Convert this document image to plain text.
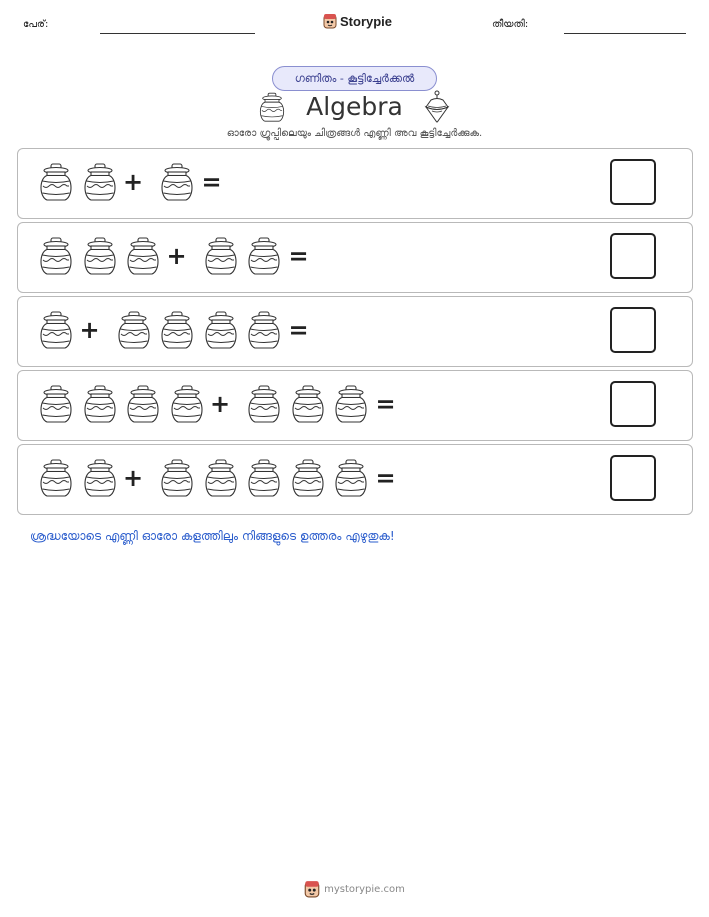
പേര്:	Storypie	തീയതി:
ഗണിതം - കൂട്ടിച്ചേർക്കൽ
Algebra
ഓരോ ഗ്രൂപ്പിലെയും ചിത്രങ്ങൾ എണ്ണി അവ കൂട്ടിച്ചേർക്കുക.
+ =
+	=
+	=
+	=
+	=
ശ്രദ്ധയോടെ എണ്ണി ഓരോ കളത്തിലും നിങ്ങളുടെ ഉത്തരം എഴുതുക!
mystorypie.com
